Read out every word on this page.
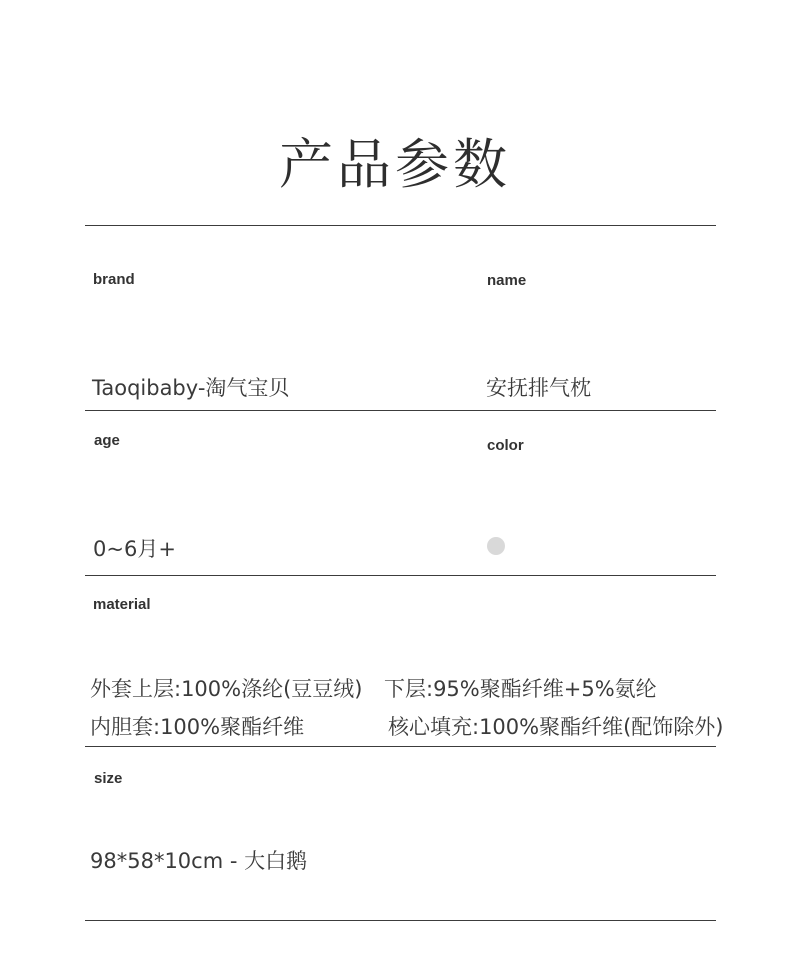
产品参数
brand	name
Taoqibaby-淘气宝贝	安抚排气枕
age	color
0~6月+
material
外套上层:100%涤纶(豆豆绒) 下层:95%聚酯纤维+5%氨纶
内胆套:100%聚酯纤维	核心填充:100%聚酯纤维(配饰除外)
size
98*58*10cm - 大白鹅
